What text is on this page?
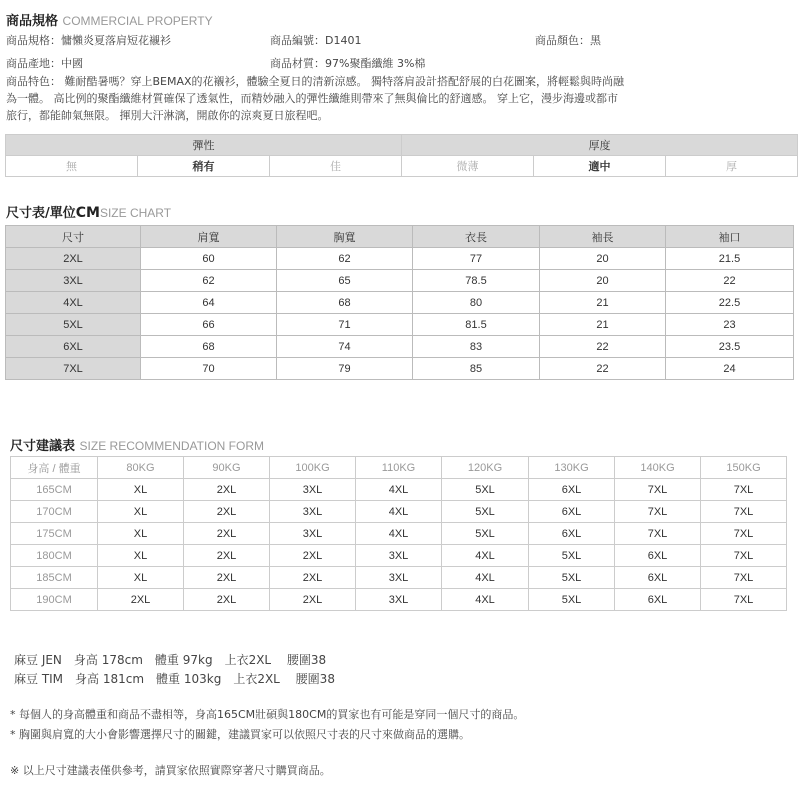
商品規格 COMMERCIAL PROPERTY
商品規格：慵懶炎夏落肩短花襯衫	商品編號：D1401	商品顏色：黑
商品產地：中國	商品材質：97%聚酯纖維 3%棉
商品特色： 難耐酷暑嗎？穿上BEMAX的花襯衫，體驗全夏日的清新涼感。 獨特落肩設計搭配舒展的白花圖案，將輕鬆與時尚融
為一體。 高比例的聚酯纖維材質確保了透氣性，而精妙融入的彈性纖維則帶來了無與倫比的舒適感。 穿上它，漫步海邊或都市
旅行，都能帥氣無限。 揮別大汗淋漓，開啟你的涼爽夏日旅程吧。
彈性			厚度		
無	稍有	佳	微薄	適中	厚
尺寸表/單位CMSIZE CHART
尺寸	肩寬	胸寬	衣長	袖長	袖口
2XL	60	62	77	20	21.5
3XL	62	65	78.5	20	22
4XL	64	68	80	21	22.5
5XL	66	71	81.5	21	23
6XL	68	74	83	22	23.5
7XL	70	79	85	22	24
尺寸建議表 SIZE RECOMMENDATION FORM
身高 / 體重	80KG	90KG	100KG	110KG	120KG	130KG	140KG	150KG
165CM	XL	2XL	3XL	4XL	5XL	6XL	7XL	7XL
170CM	XL	2XL	3XL	4XL	5XL	6XL	7XL	7XL
175CM	XL	2XL	3XL	4XL	5XL	6XL	7XL	7XL
180CM	XL	2XL	2XL	3XL	4XL	5XL	6XL	7XL
185CM	XL	2XL	2XL	3XL	4XL	5XL	6XL	7XL
190CM	2XL	2XL	2XL	3XL	4XL	5XL	6XL	7XL
麻豆 JEN　身高 178cm　體重 97kg　上衣2XL　 腰圍38
麻豆 TIM　身高 181cm　體重 103kg　上衣2XL　 腰圍38
* 每個人的身高體重和商品不盡相等，身高165CM壯碩與180CM的買家也有可能是穿同一個尺寸的商品。
* 胸圍與肩寬的大小會影響選擇尺寸的關鍵，建議買家可以依照尺寸表的尺寸來做商品的選購。
※ 以上尺寸建議表僅供參考，請買家依照實際穿著尺寸購買商品。
